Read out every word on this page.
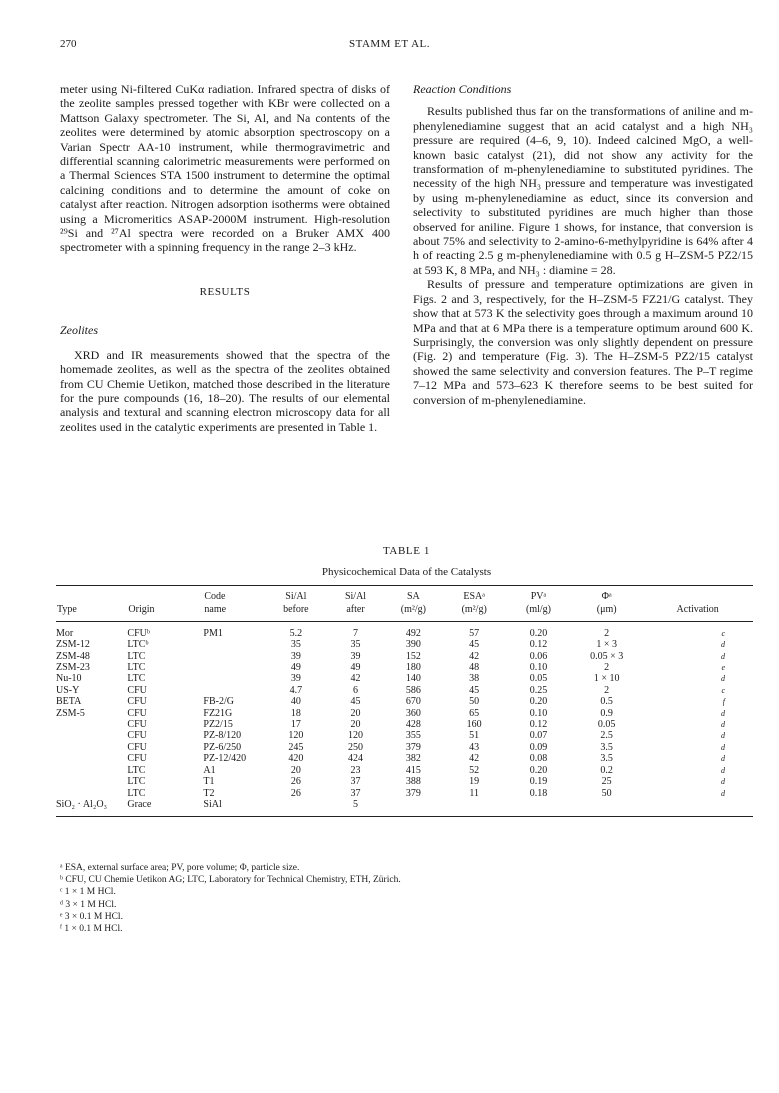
270	STAMM ET AL.

meter using Ni-filtered CuKα radiation. Infrared spectra of disks of the zeolite samples pressed together with KBr were collected on a Mattson Galaxy spectrometer. The Si, Al, and Na contents of the zeolites were determined by atomic absorption spectroscopy on a Varian Spectr AA-10 instrument, while thermogravimetric and differential scanning calorimetric measurements were performed on a Thermal Sciences STA 1500 instrument to determine the optimal calcining conditions and to determine the amount of coke on catalyst after reaction. Nitrogen adsorption isotherms were obtained using a Micromeritics ASAP-2000M instrument. High-resolution ²⁹Si and ²⁷Al spectra were recorded on a Bruker AMX 400 spectrometer with a spinning frequency in the range 2–3 kHz.

RESULTS
Zeolites

XRD and IR measurements showed that the spectra of the homemade zeolites, as well as the spectra of the zeolites obtained from CU Chemie Uetikon, matched those described in the literature for the pure compounds (16, 18–20). The results of our elemental analysis and textural and scanning electron microscopy data for all zeolites used in the catalytic experiments are presented in Table 1.

Reaction Conditions

Results published thus far on the transformations of aniline and m-phenylenediamine suggest that an acid catalyst and a high NH₃ pressure are required (4–6, 9, 10). Indeed calcined MgO, a well-known basic catalyst (21), did not show any activity for the transformation of m-phenylenediamine to substituted pyridines. The necessity of the high NH₃ pressure and temperature was investigated by using m-phenylenediamine as educt, since its conversion and selectivity to substituted pyridines are much higher than those observed for aniline. Figure 1 shows, for instance, that conversion is about 75% and selectivity to 2-amino-6-methylpyridine is 64% after 4 h of reacting 2.5 g m-phenylenediamine with 0.5 g H–ZSM-5 PZ2/15 at 593 K, 8 MPa, and NH₃ : diamine = 28.

Results of pressure and temperature optimizations are given in Figs. 2 and 3, respectively, for the H–ZSM-5 FZ21/G catalyst. They show that at 573 K the selectivity goes through a maximum around 10 MPa and that at 6 MPa there is a temperature optimum around 600 K. Surprisingly, the conversion was only slightly dependent on pressure (Fig. 2) and temperature (Fig. 3). The H–ZSM-5 PZ2/15 catalyst showed the same selectivity and conversion features. The P–T regime 7–12 MPa and 573–623 K therefore seems to be best suited for conversion of m-phenylenediamine.

TABLE 1
Physicochemical Data of the Catalysts
		Code	Si/Al	Si/Al	SA	ESAᵃ	PVᵃ	Φᵃ	
Type	Origin	name	before	after	(m²/g)	(m²/g)	(ml/g)	(μm)	Activation
Mor	CFUᵇ	PM1	5.2	7	492	57	0.20	2	c
ZSM-12	LTCᵇ		35	35	390	45	0.12	1 × 3	d
ZSM-48	LTC		39	39	152	42	0.06	0.05 × 3	d
ZSM-23	LTC		49	49	180	48	0.10	2	e
Nu-10	LTC		39	42	140	38	0.05	1 × 10	d
US-Y	CFU		4.7	6	586	45	0.25	2	c
BETA	CFU	FB-2/G	40	45	670	50	0.20	0.5	f
ZSM-5	CFU	FZ21G	18	20	360	65	0.10	0.9	d
	CFU	PZ2/15	17	20	428	160	0.12	0.05	d
	CFU	PZ-8/120	120	120	355	51	0.07	2.5	d
	CFU	PZ-6/250	245	250	379	43	0.09	3.5	d
	CFU	PZ-12/420	420	424	382	42	0.08	3.5	d
	LTC	A1	20	23	415	52	0.20	0.2	d
	LTC	T1	26	37	388	19	0.19	25	d
	LTC	T2	26	37	379	11	0.18	50	d
SiO₂ · Al₂O₃	Grace	SiAl		5					
ᵃ ESA, external surface area; PV, pore volume; Φ, particle size.
ᵇ CFU, CU Chemie Uetikon AG; LTC, Laboratory for Technical Chemistry, ETH, Zürich.
ᶜ 1 × 1 M HCl.
ᵈ 3 × 1 M HCl.
ᵉ 3 × 0.1 M HCl.
ᶠ 1 × 0.1 M HCl.
